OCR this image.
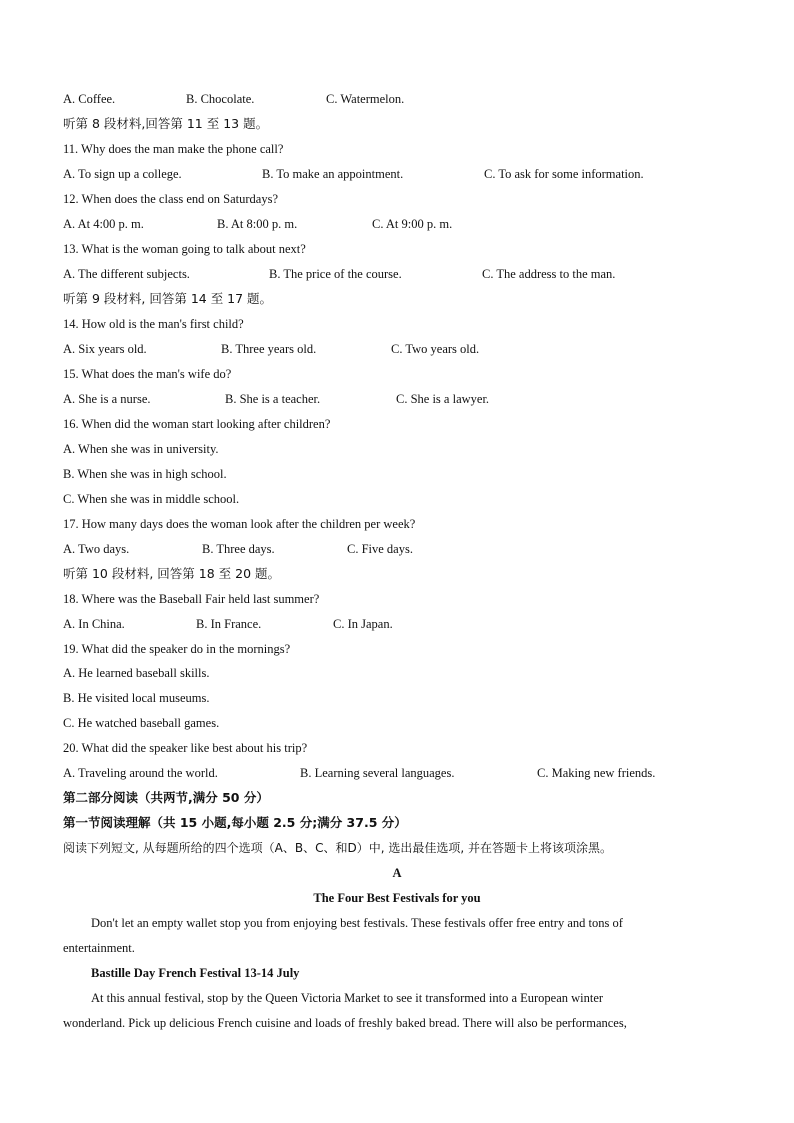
A. Coffee.	B. Chocolate.	C. Watermelon.
听第 8 段材料,回答第 11 至 13 题。
11. Why does the man make the phone call?
A. To sign up a college.	B. To make an appointment.	C. To ask for some information.
12. When does the class end on Saturdays?
A. At 4:00 p. m.	B. At 8:00 p. m.	C. At 9:00 p. m.
13. What is the woman going to talk about next?
A. The different subjects.	B. The price of the course.	C. The address to the man.
听第 9 段材料, 回答第 14 至 17 题。
14. How old is the man's first child?
A. Six years old.	B. Three years old.	C. Two years old.
15. What does the man's wife do?
A. She is a nurse.	B. She is a teacher.	C. She is a lawyer.
16. When did the woman start looking after children?
A. When she was in university.
B. When she was in high school.
C. When she was in middle school.
17. How many days does the woman look after the children per week?
A. Two days.	B. Three days.	C. Five days.
听第 10 段材料, 回答第 18 至 20 题。
18. Where was the Baseball Fair held last summer?
A. In China.	B. In France.	C. In Japan.
19. What did the speaker do in the mornings?
A. He learned baseball skills.
B. He visited local museums.
C. He watched baseball games.
20. What did the speaker like best about his trip?
A. Traveling around the world.	B. Learning several languages.	C. Making new friends.
第二部分阅读（共两节,满分 50 分）
第一节阅读理解（共 15 小题,每小题 2.5 分;满分 37.5 分）
阅读下列短文, 从每题所给的四个选项（A、B、C、和D）中, 选出最佳选项, 并在答题卡上将该项涂黑。
A
The Four Best Festivals for you
Don't let an empty wallet stop you from enjoying best festivals. These festivals offer free entry and tons of
entertainment.
Bastille Day French Festival 13-14 July
At this annual festival, stop by the Queen Victoria Market to see it transformed into a European winter
wonderland. Pick up delicious French cuisine and loads of freshly baked bread. There will also be performances,
